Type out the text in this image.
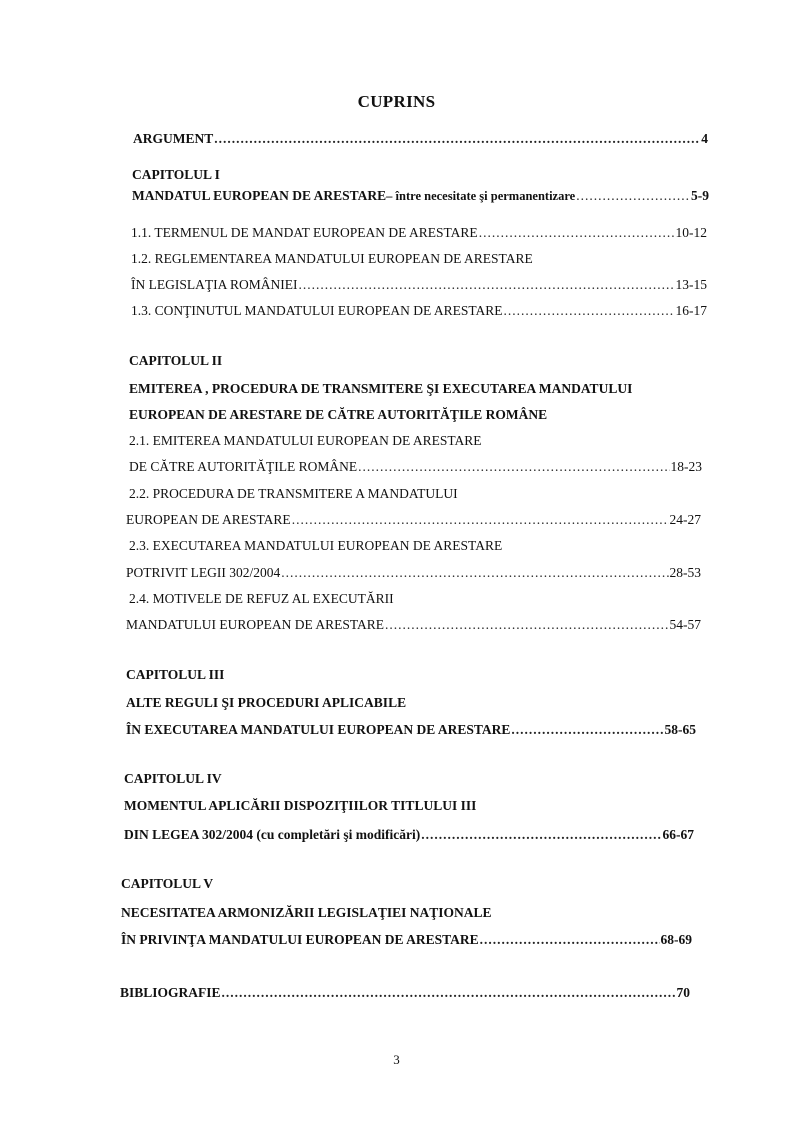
CUPRINS
ARGUMENT .....	4
CAPITOLUL I
MANDATUL EUROPEAN DE ARESTARE – între necesitate şi permanentizare .....	5-9
1.1. TERMENUL DE MANDAT EUROPEAN DE ARESTARE .....	10-12
1.2. REGLEMENTAREA MANDATULUI EUROPEAN DE ARESTARE
ÎN LEGISLAŢIA ROMÂNIEI .....	13-15
1.3. CONŢINUTUL MANDATULUI EUROPEAN DE ARESTARE .....	16-17
CAPITOLUL II
EMITEREA , PROCEDURA DE TRANSMITERE ŞI EXECUTAREA MANDATULUI
EUROPEAN DE ARESTARE DE CĂTRE AUTORITĂŢILE ROMÂNE
2.1. EMITEREA MANDATULUI EUROPEAN DE ARESTARE
DE CĂTRE AUTORITĂŢILE ROMÂNE .....	18-23
2.2. PROCEDURA DE TRANSMITERE A MANDATULUI
EUROPEAN DE ARESTARE .....	24-27
2.3. EXECUTAREA MANDATULUI EUROPEAN DE ARESTARE
POTRIVIT LEGII 302/2004 .....	28-53
2.4. MOTIVELE DE REFUZ AL EXECUTĂRII
MANDATULUI EUROPEAN DE ARESTARE .....	54-57
CAPITOLUL III
ALTE REGULI ŞI PROCEDURI APLICABILE
ÎN EXECUTAREA MANDATULUI EUROPEAN DE ARESTARE .....	58-65
CAPITOLUL IV
MOMENTUL APLICĂRII DISPOZIŢIILOR TITLULUI III
DIN LEGEA 302/2004 (cu completări şi modificări) .....	66-67
CAPITOLUL V
NECESITATEA ARMONIZĂRII LEGISLAŢIEI NAŢIONALE
ÎN PRIVINŢA MANDATULUI EUROPEAN DE ARESTARE .....	68-69
BIBLIOGRAFIE .....	70
3
